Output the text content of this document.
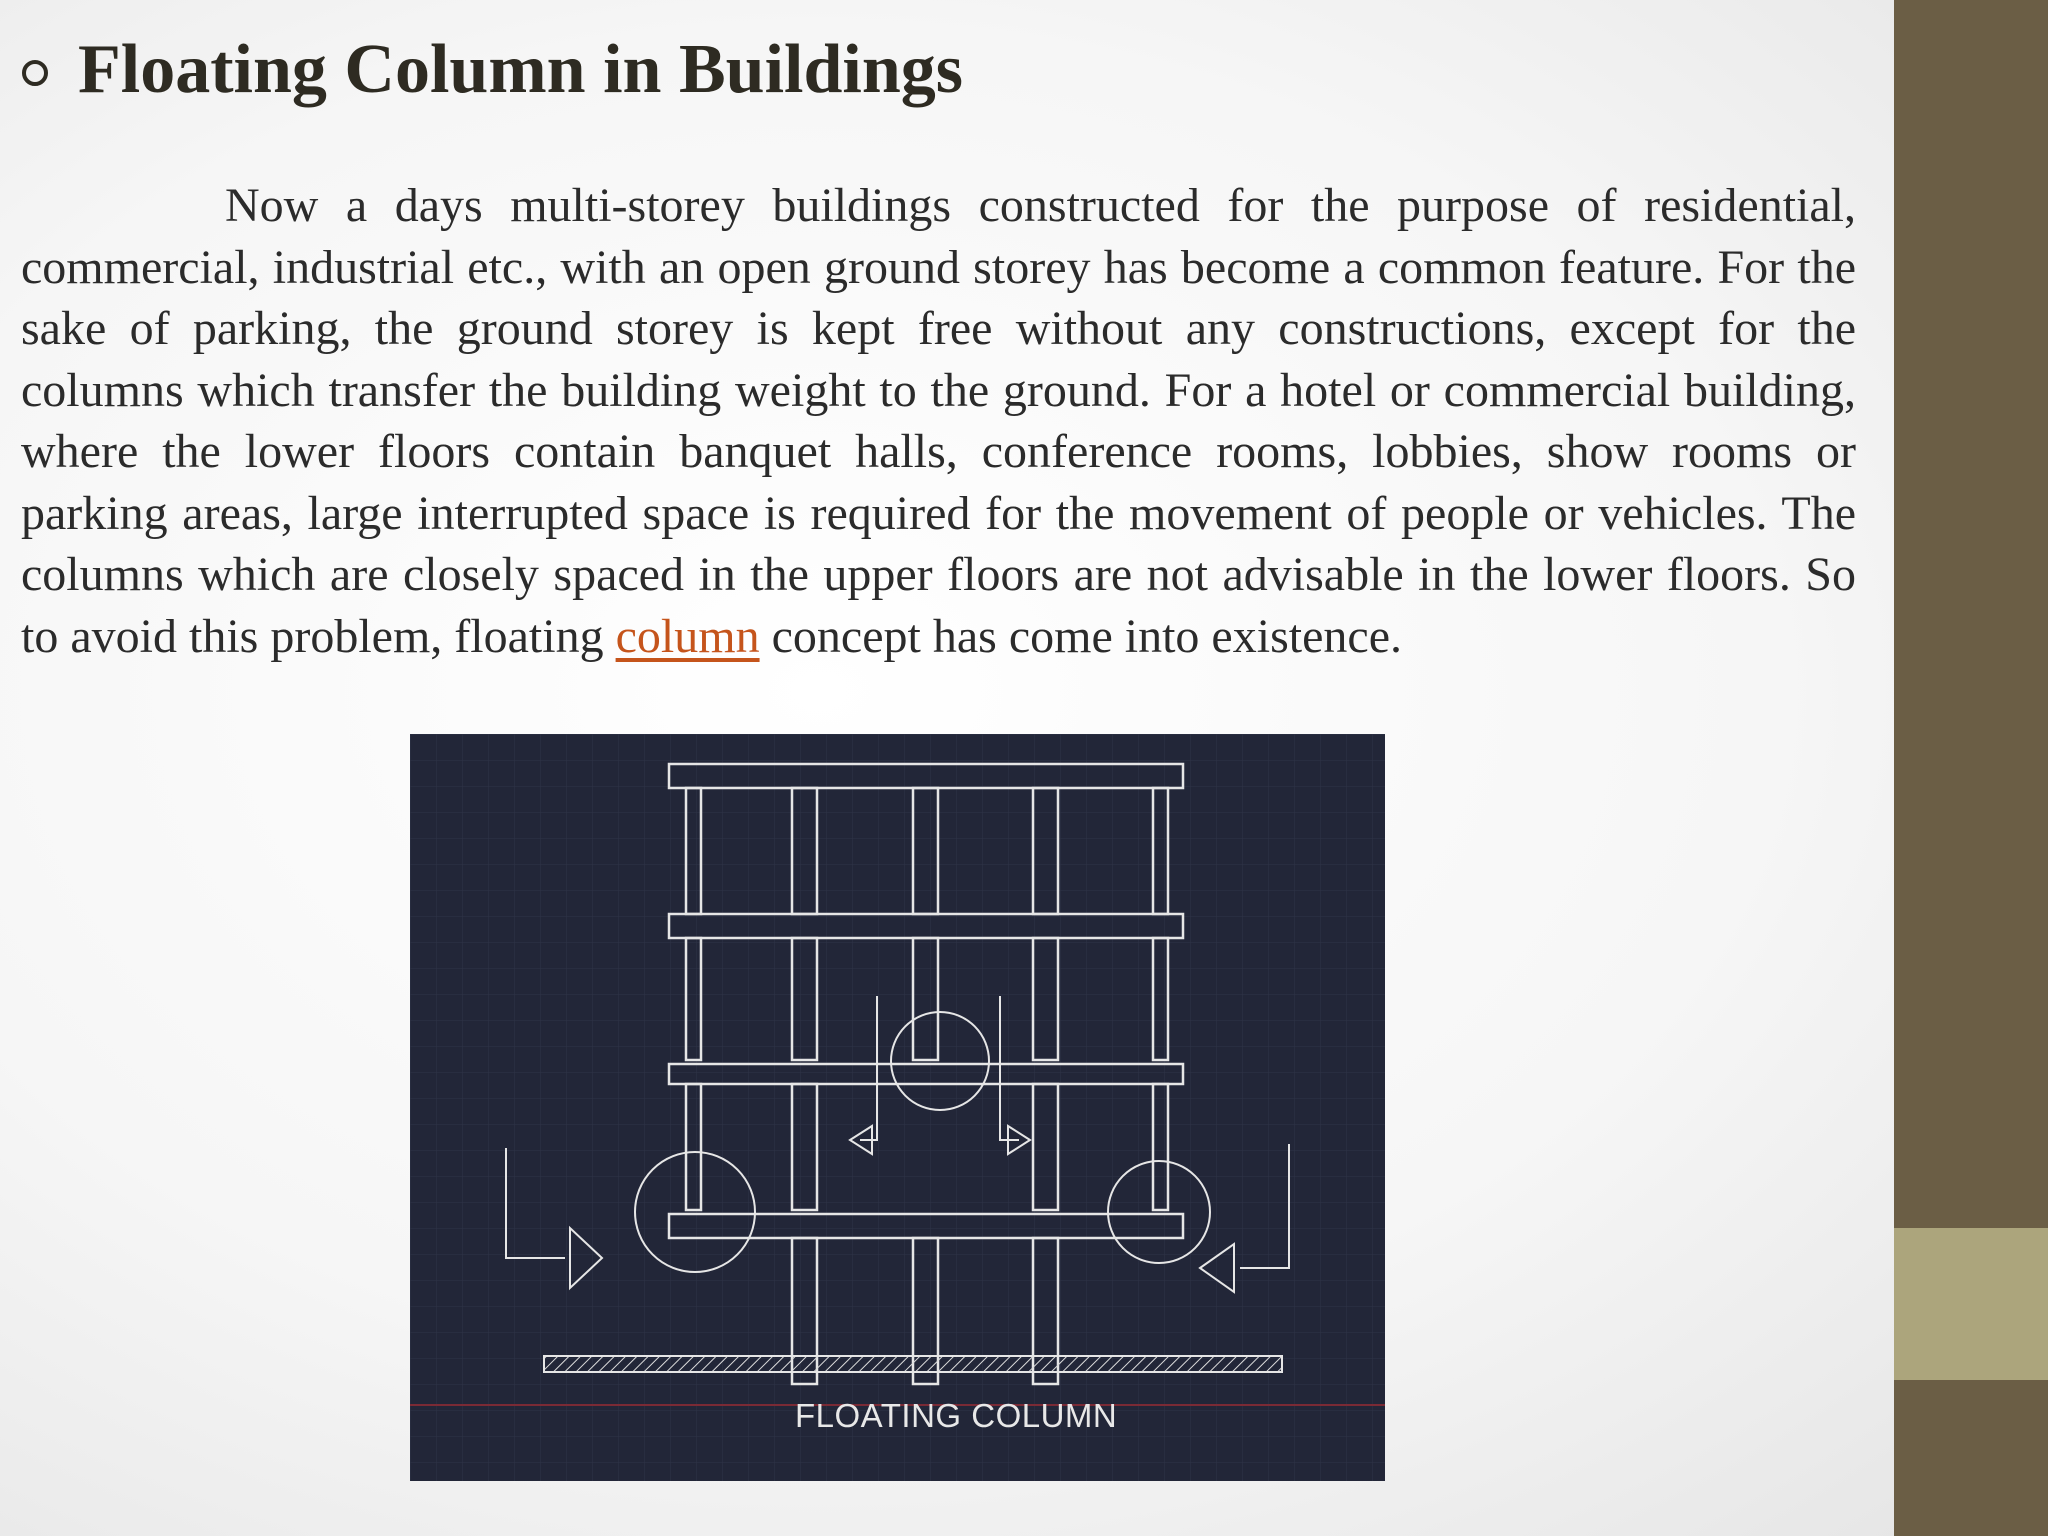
Floating Column in Buildings

Now a days multi-storey buildings constructed for the purpose of residential, commercial, industrial etc., with an open ground storey has become a common feature. For the sake of parking, the ground storey is kept free without any constructions, except for the columns which transfer the building weight to the ground. For a hotel or commercial building, where the lower floors contain banquet halls, conference rooms, lobbies, show rooms or parking areas, large interrupted space is required for the movement of people or vehicles. The columns which are closely spaced in the upper floors are not advisable in the lower floors. So to avoid this problem, floating column concept has come into existence.

FLOATING COLUMN
